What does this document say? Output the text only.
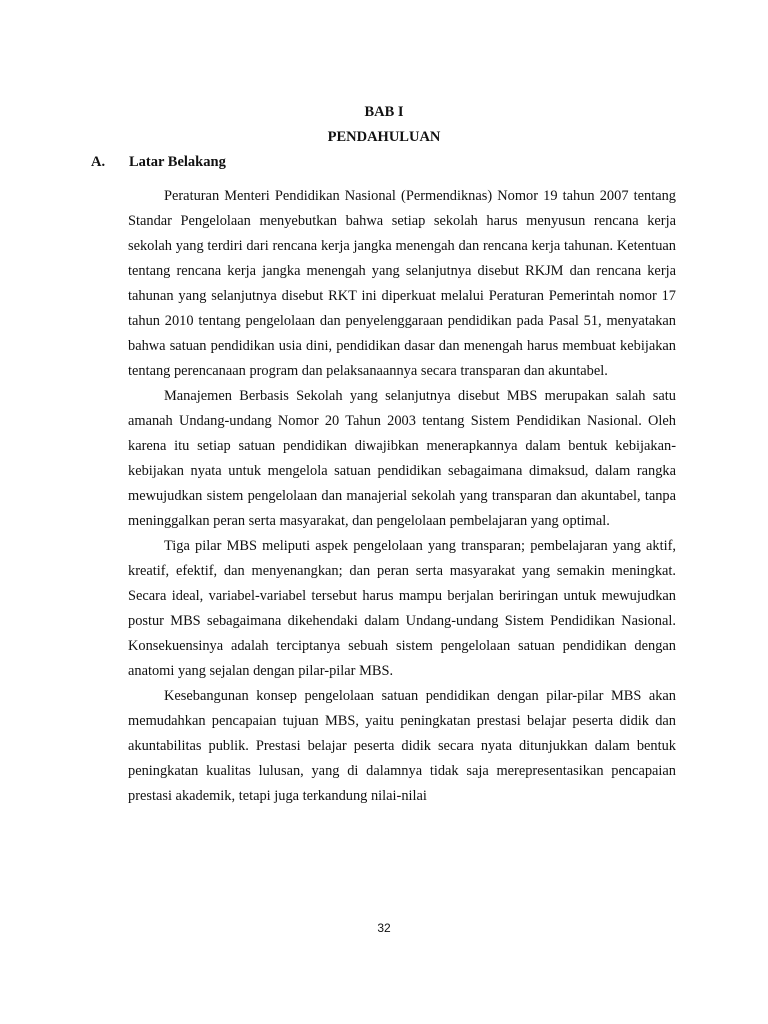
BAB I
PENDAHULUAN
A. Latar Belakang

Peraturan Menteri Pendidikan Nasional (Permendiknas) Nomor 19 tahun 2007 tentang Standar Pengelolaan menyebutkan bahwa setiap sekolah harus menyusun rencana kerja sekolah yang terdiri dari rencana kerja jangka menengah dan rencana kerja tahunan. Ketentuan tentang rencana kerja jangka menengah yang selanjutnya disebut RKJM dan rencana kerja tahunan yang selanjutnya disebut RKT ini diperkuat melalui Peraturan Pemerintah nomor 17 tahun 2010 tentang pengelolaan dan penyelenggaraan pendidikan pada Pasal 51, menyatakan bahwa satuan pendidikan usia dini, pendidikan dasar dan menengah harus membuat kebijakan tentang perencanaan program dan pelaksanaannya secara transparan dan akuntabel.

Manajemen Berbasis Sekolah yang selanjutnya disebut MBS merupakan salah satu amanah Undang-undang Nomor 20 Tahun 2003 tentang Sistem Pendidikan Nasional. Oleh karena itu setiap satuan pendidikan diwajibkan menerapkannya dalam bentuk kebijakan-kebijakan nyata untuk mengelola satuan pendidikan sebagaimana dimaksud, dalam rangka mewujudkan sistem pengelolaan dan manajerial sekolah yang transparan dan akuntabel, tanpa meninggalkan peran serta masyarakat, dan pengelolaan pembelajaran yang optimal.

Tiga pilar MBS meliputi aspek pengelolaan yang transparan; pembelajaran yang aktif, kreatif, efektif, dan menyenangkan; dan peran serta masyarakat yang semakin meningkat. Secara ideal, variabel-variabel tersebut harus mampu berjalan beriringan untuk mewujudkan postur MBS sebagaimana dikehendaki dalam Undang-undang Sistem Pendidikan Nasional. Konsekuensinya adalah terciptanya sebuah sistem pengelolaan satuan pendidikan dengan anatomi yang sejalan dengan pilar-pilar MBS.

Kesebangunan konsep pengelolaan satuan pendidikan dengan pilar-pilar MBS akan memudahkan pencapaian tujuan MBS, yaitu peningkatan prestasi belajar peserta didik dan akuntabilitas publik. Prestasi belajar peserta didik secara nyata ditunjukkan dalam bentuk peningkatan kualitas lulusan, yang di dalamnya tidak saja merepresentasikan pencapaian prestasi akademik, tetapi juga terkandung nilai-nilai

32
